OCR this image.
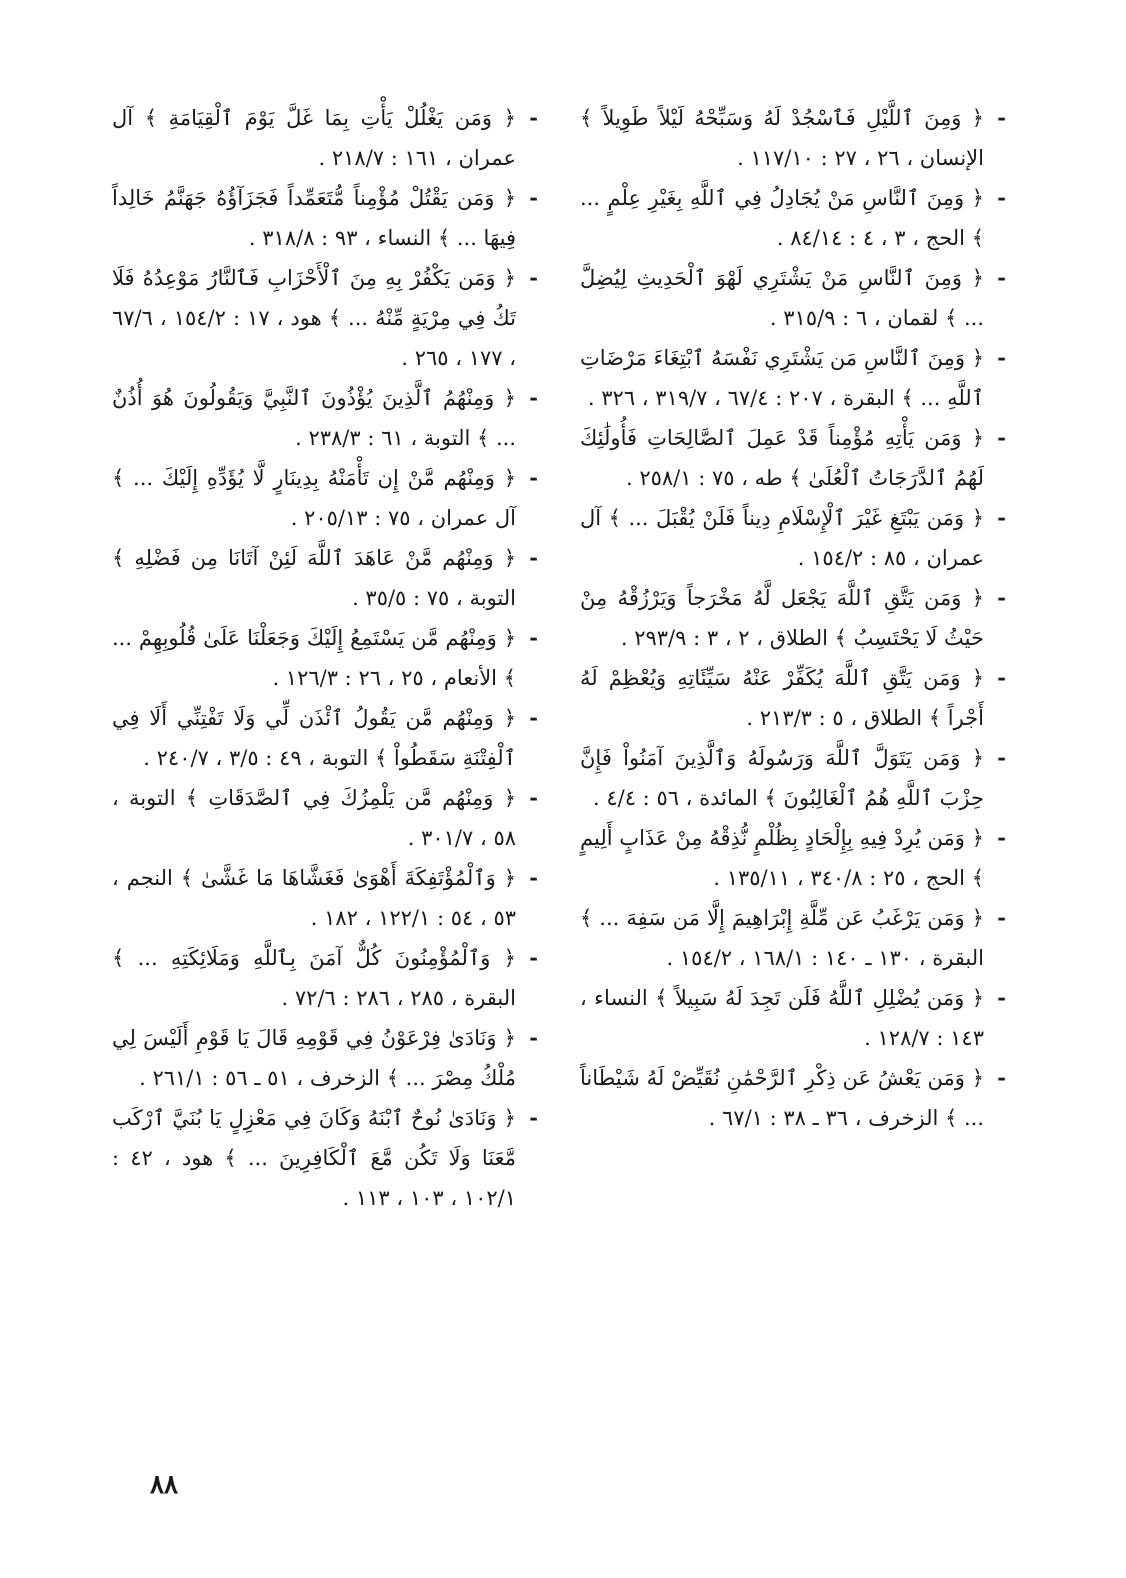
-
﴿ وَمِنَ ٱللَّيْلِ فَٱسْجُدْ لَهُ وَسَبِّحْهُ لَيْلاً طَوِيلاً ﴾ الإنسان ، ٢٦ ، ٢٧ : ١١٧/١٠ .
-
﴿ وَمِنَ ٱلنَّاسِ مَنْ يُجَادِلُ فِي ٱللَّهِ بِغَيْرِ عِلْمٍ ... ﴾ الحج ، ٣ ، ٤ : ٨٤/١٤ .
-
﴿ وَمِنَ ٱلنَّاسِ مَنْ يَشْتَرِي لَهْوَ ٱلْحَدِيثِ لِيُضِلَّ ... ﴾ لقمان ، ٦ : ٣١٥/٩ .
-
﴿ وَمِنَ ٱلنَّاسِ مَن يَشْتَرِي نَفْسَهُ ٱبْتِغَاءَ مَرْضَاتِ ٱللَّهِ ... ﴾ البقرة ، ٢٠٧ : ٦٧/٤ ، ٣١٩/٧ ، ٣٢٦ .
-
﴿ وَمَن يَأْتِهِ مُؤْمِناً قَدْ عَمِلَ ٱلصَّالِحَاتِ فَأُولَٰئِكَ لَهُمُ ٱلدَّرَجَاتُ ٱلْعُلَىٰ ﴾ طه ، ٧٥ : ٢٥٨/١ .
-
﴿ وَمَن يَبْتَغِ غَيْرَ ٱلْإِسْلَامِ دِيناً فَلَنْ يُقْبَلَ ... ﴾ آل عمران ، ٨٥ : ١٥٤/٢ .
-
﴿ وَمَن يَتَّقِ ٱللَّهَ يَجْعَل لَّهُ مَخْرَجاً وَيَرْزُقْهُ مِنْ حَيْثُ لَا يَحْتَسِبُ ﴾ الطلاق ، ٢ ، ٣ : ٢٩٣/٩ .
-
﴿ وَمَن يَتَّقِ ٱللَّهَ يُكَفِّرْ عَنْهُ سَيِّئَاتِهِ وَيُعْظِمْ لَهُ أَجْراً ﴾ الطلاق ، ٥ : ٢١٣/٣ .
-
﴿ وَمَن يَتَوَلَّ ٱللَّهَ وَرَسُولَهُ وَٱلَّذِينَ آمَنُواْ فَإِنَّ حِزْبَ ٱللَّهِ هُمُ ٱلْغَالِبُونَ ﴾ المائدة ، ٥٦ : ٤/٤ .
-
﴿ وَمَن يُرِدْ فِيهِ بِإِلْحَادٍ بِظُلْمٍ نُّذِقْهُ مِنْ عَذَابٍ أَلِيمٍ ﴾ الحج ، ٢٥ : ٣٤٠/٨ ، ١٣٥/١١ .
-
﴿ وَمَن يَرْغَبُ عَن مِّلَّةِ إِبْرَاهِيمَ إِلَّا مَن سَفِهَ ... ﴾ البقرة ، ١٣٠ ـ ١٤٠ : ١٦٨/١ ، ١٥٤/٢ .
-
﴿ وَمَن يُضْلِلِ ٱللَّهُ فَلَن تَجِدَ لَهُ سَبِيلاً ﴾ النساء ، ١٤٣ : ١٢٨/٧ .
-
﴿ وَمَن يَعْشُ عَن ذِكْرِ ٱلرَّحْمَٰنِ نُقَيِّضْ لَهُ شَيْطَاناً ... ﴾ الزخرف ، ٣٦ ـ ٣٨ : ٦٧/١ .
-
﴿ وَمَن يَغْلُلْ يَأْتِ بِمَا غَلَّ يَوْمَ ٱلْقِيَامَةِ ﴾ آل عمران ، ١٦١ : ٢١٨/٧ .
-
﴿ وَمَن يَقْتُلْ مُؤْمِناً مُّتَعَمِّداً فَجَزَآؤُهُ جَهَنَّمُ خَالِداً فِيهَا ... ﴾ النساء ، ٩٣ : ٣١٨/٨ .
-
﴿ وَمَن يَكْفُرْ بِهِ مِنَ ٱلْأَحْزَابِ فَٱلنَّارُ مَوْعِدُهُ فَلَا تَكُ فِي مِرْيَةٍ مِّنْهُ ... ﴾ هود ، ١٧ : ١٥٤/٢ ، ٦٧/٦ ، ١٧٧ ، ٢٦٥ .
-
﴿ وَمِنْهُمُ ٱلَّذِينَ يُؤْذُونَ ٱلنَّبِيَّ وَيَقُولُونَ هُوَ أُذُنٌ ... ﴾ التوبة ، ٦١ : ٢٣٨/٣ .
-
﴿ وَمِنْهُم مَّنْ إِن تَأْمَنْهُ بِدِينَارٍ لَّا يُؤَدِّهِ إِلَيْكَ ... ﴾ آل عمران ، ٧٥ : ٢٠٥/١٣ .
-
﴿ وَمِنْهُم مَّنْ عَاهَدَ ٱللَّهَ لَئِنْ آتَانَا مِن فَضْلِهِ ﴾ التوبة ، ٧٥ : ٣٥/٥ .
-
﴿ وَمِنْهُم مَّن يَسْتَمِعُ إِلَيْكَ وَجَعَلْنَا عَلَىٰ قُلُوبِهِمْ ... ﴾ الأنعام ، ٢٥ ، ٢٦ : ١٢٦/٣ .
-
﴿ وَمِنْهُم مَّن يَقُولُ ٱئْذَن لِّي وَلَا تَفْتِنِّي أَلَا فِي ٱلْفِتْنَةِ سَقَطُواْ ﴾ التوبة ، ٤٩ : ٣/٥ ، ٢٤٠/٧ .
-
﴿ وَمِنْهُم مَّن يَلْمِزُكَ فِي ٱلصَّدَقَاتِ ﴾ التوبة ، ٥٨ ، ٣٠١/٧ .
-
﴿ وَٱلْمُؤْتَفِكَةَ أَهْوَىٰ فَغَشَّاهَا مَا غَشَّىٰ ﴾ النجم ، ٥٣ ، ٥٤ : ١٢٢/١ ، ١٨٢ .
-
﴿ وَٱلْمُؤْمِنُونَ كُلٌّ آمَنَ بِٱللَّهِ وَمَلَائِكَتِهِ ... ﴾ البقرة ، ٢٨٥ ، ٢٨٦ : ٧٢/٦ .
-
﴿ وَنَادَىٰ فِرْعَوْنُ فِي قَوْمِهِ قَالَ يَا قَوْمِ أَلَيْسَ لِي مُلْكُ مِصْرَ ... ﴾ الزخرف ، ٥١ ـ ٥٦ : ٢٦١/١ .
-
﴿ وَنَادَىٰ نُوحٌ ٱبْنَهُ وَكَانَ فِي مَعْزِلٍ يَا بُنَيَّ ٱرْكَب مَّعَنَا وَلَا تَكُن مَّعَ ٱلْكَافِرِينَ ... ﴾ هود ، ٤٢ : ١٠٢/١ ، ١٠٣ ، ١١٣ .
٨٨
